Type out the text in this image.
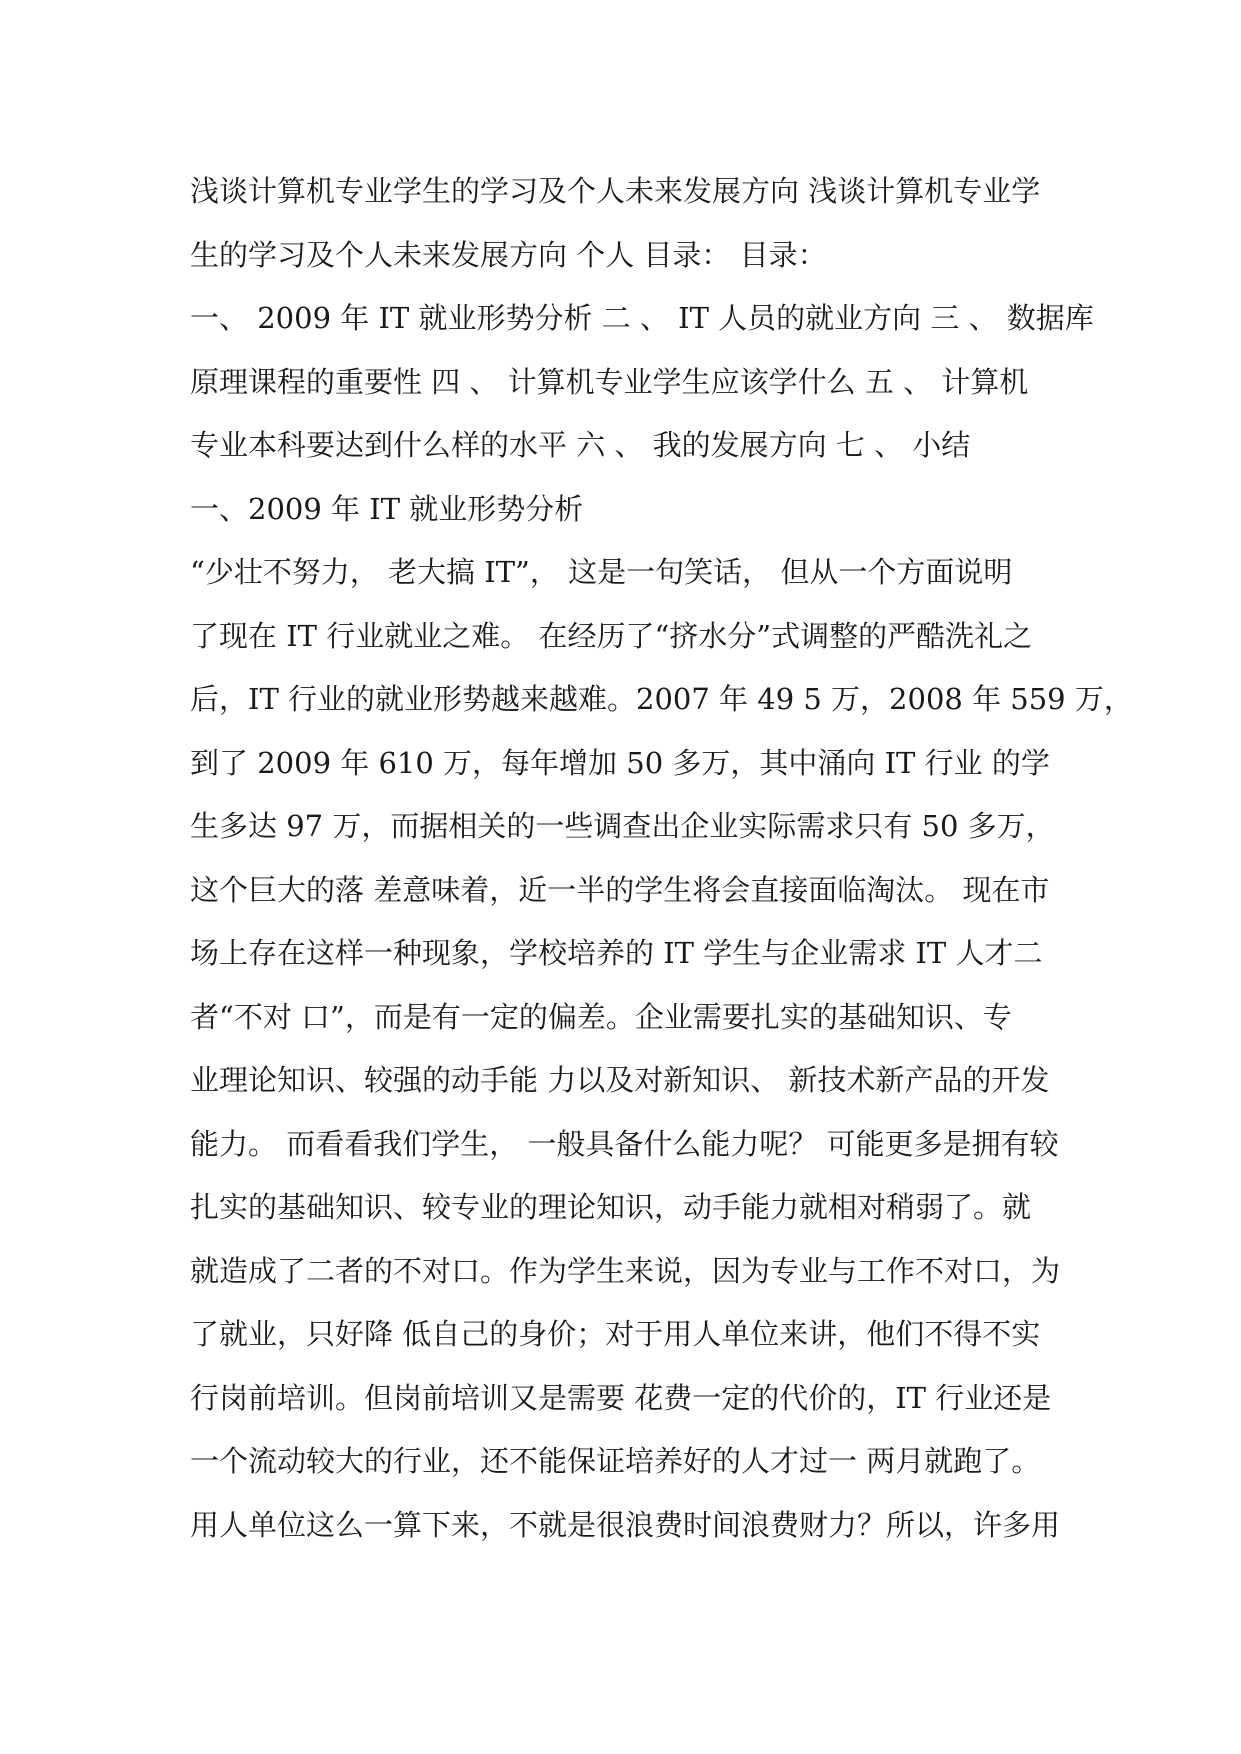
浅谈计算机专业学生的学习及个人未来发展方向 浅谈计算机专业学
生的学习及个人未来发展方向 个人 目录： 目录：
一、 2009 年 IT 就业形势分析 二 、 IT 人员的就业方向 三 、 数据库
原理课程的重要性 四 、 计算机专业学生应该学什么 五 、 计算机
专业本科要达到什么样的水平 六 、 我的发展方向 七 、 小结
一、2009 年 IT 就业形势分析
“少壮不努力， 老大搞 IT”， 这是一句笑话， 但从一个方面说明
了现在 IT 行业就业之难。 在经历了“挤水分”式调整的严酷洗礼之
后，IT 行业的就业形势越来越难。2007 年 49 5 万，2008 年 559 万，
到了 2009 年 610 万，每年增加 50 多万，其中涌向 IT 行业 的学
生多达 97 万，而据相关的一些调查出企业实际需求只有 50 多万，
这个巨大的落 差意味着，近一半的学生将会直接面临淘汰。 现在市
场上存在这样一种现象，学校培养的 IT 学生与企业需求 IT 人才二
者“不对 口”，而是有一定的偏差。企业需要扎实的基础知识、专
业理论知识、较强的动手能 力以及对新知识、 新技术新产品的开发
能力。 而看看我们学生， 一般具备什么能力呢？ 可能更多是拥有较
扎实的基础知识、较专业的理论知识，动手能力就相对稍弱了。就
就造成了二者的不对口。作为学生来说，因为专业与工作不对口，为
了就业，只好降 低自己的身价；对于用人单位来讲，他们不得不实
行岗前培训。但岗前培训又是需要 花费一定的代价的，IT 行业还是
一个流动较大的行业，还不能保证培养好的人才过一 两月就跑了。
用人单位这么一算下来，不就是很浪费时间浪费财力？所以，许多用
